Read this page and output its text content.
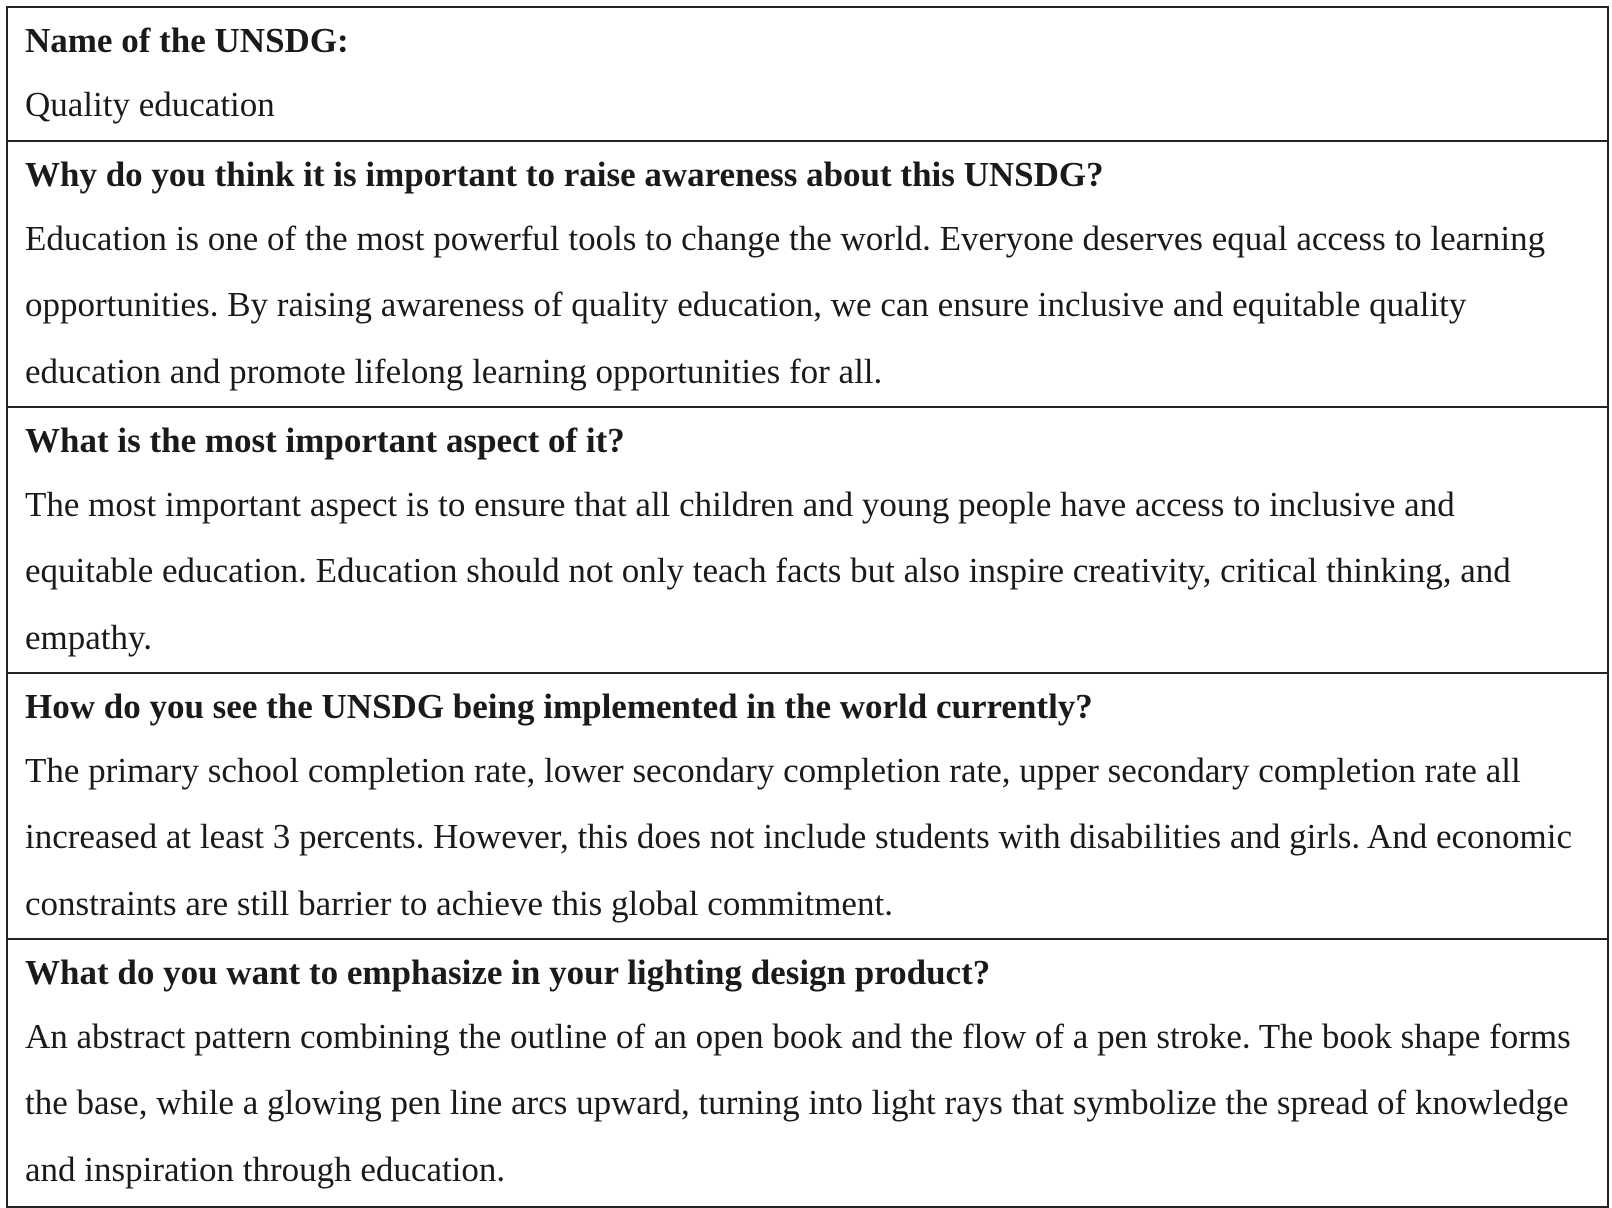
Name of the UNSDG:

Quality education

Why do you think it is important to raise awareness about this UNSDG?

Education is one of the most powerful tools to change the world. Everyone deserves equal access to learning opportunities. By raising awareness of quality education, we can ensure inclusive and equitable quality education and promote lifelong learning opportunities for all.

What is the most important aspect of it?

The most important aspect is to ensure that all children and young people have access to inclusive and equitable education. Education should not only teach facts but also inspire creativity, critical thinking, and empathy.

How do you see the UNSDG being implemented in the world currently?

The primary school completion rate, lower secondary completion rate, upper secondary completion rate all increased at least 3 percents. However, this does not include students with disabilities and girls. And economic constraints are still barrier to achieve this global commitment.

What do you want to emphasize in your lighting design product?

An abstract pattern combining the outline of an open book and the flow of a pen stroke. The book shape forms the base, while a glowing pen line arcs upward, turning into light rays that symbolize the spread of knowledge and inspiration through education.
